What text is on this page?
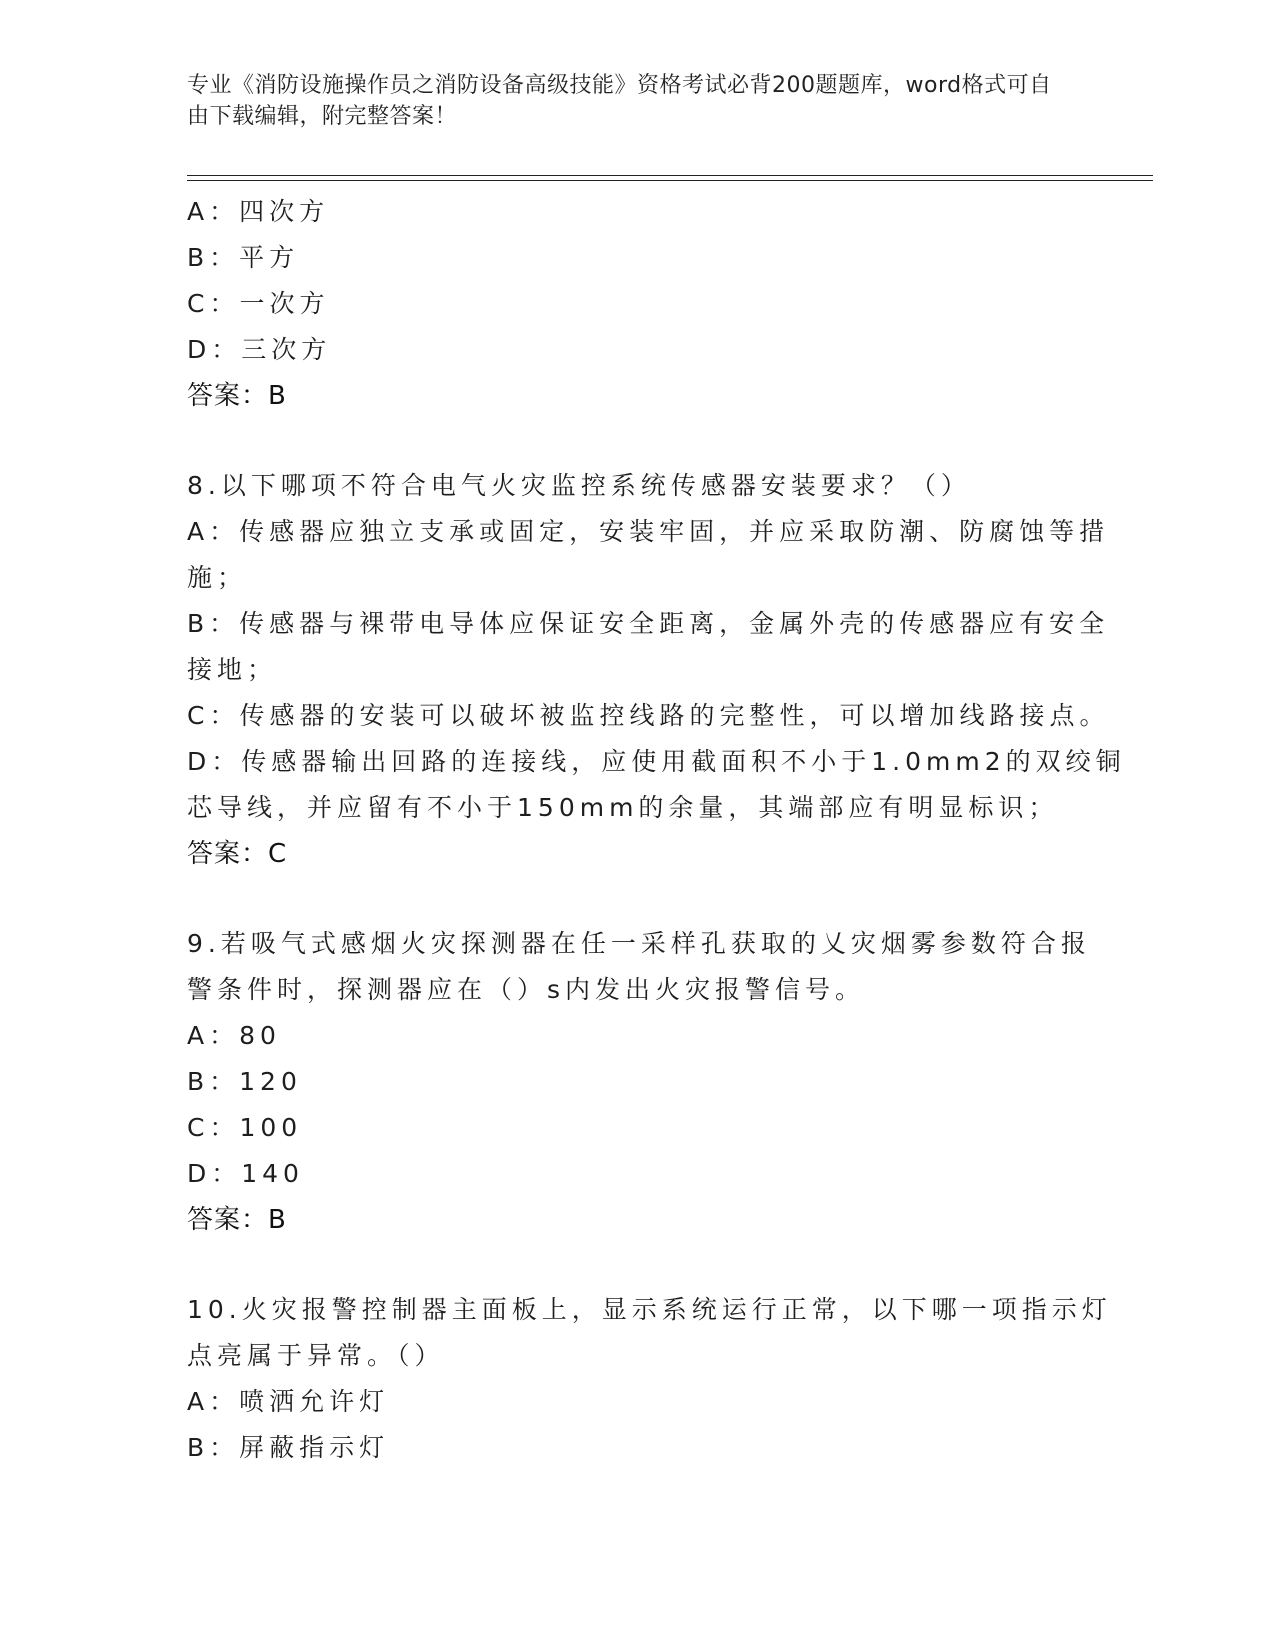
专业《消防设施操作员之消防设备高级技能》资格考试必背200题题库，word格式可自由下载编辑，附完整答案！
A：四次方
B：平方
C：一次方
D：三次方
答案：B
8.以下哪项不符合电气火灾监控系统传感器安装要求？（）
A：传感器应独立支承或固定，安装牢固，并应采取防潮、防腐蚀等措
施；
B：传感器与裸带电导体应保证安全距离，金属外壳的传感器应有安全
接地；
C：传感器的安装可以破坏被监控线路的完整性，可以增加线路接点。
D：传感器输出回路的连接线，应使用截面积不小于1.0mm2的双绞铜
芯导线，并应留有不小于150mm的余量，其端部应有明显标识；
答案：C
9.若吸气式感烟火灾探测器在任一采样孔获取的乂灾烟雾参数符合报
警条件时，探测器应在（）s内发出火灾报警信号。
A：80
B：120
C：100
D：140
答案：B
10.火灾报警控制器主面板上，显示系统运行正常，以下哪一项指示灯
点亮属于异常。（）
A：喷洒允许灯
B：屏蔽指示灯
